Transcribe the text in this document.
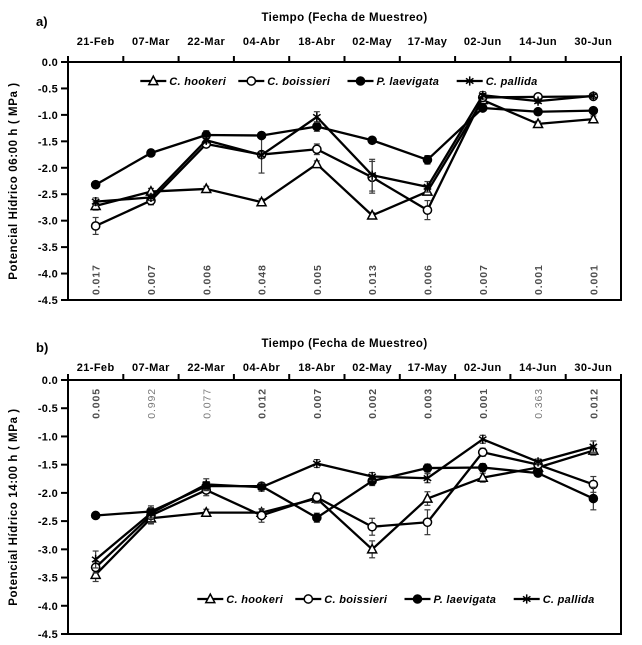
a)	Tiempo (Fecha de Muestreo)
Potencial Hídrico 06:00 h ( MPa )
b)	Tiempo (Fecha de Muestreo)
Potencial Hídrico 14:00 h ( MPa )
21-Feb 07-Mar 22-Mar 04-Abr 18-Abr 02-May 17-May 02-Jun 14-Jun 30-Jun
0.0
-0.5
-1.0
-1.5
-2.0
-2.5
-3.0
-3.5
-4.0
-4.5
0.017	0.007	0.006	0.048	0.005	0.013	0.006	0.007	0.001	0.001
C. hookeri	C. boissieri	P. laevigata	C. pallida
21-Feb 07-Mar 22-Mar 04-Abr 18-Abr 02-May 17-May 02-Jun 14-Jun 30-Jun
0.0
-0.5
-1.0
-1.5
-2.0
-2.5
-3.0
-3.5
-4.0
-4.5
0.005	0.992	0.077	0.012	0.007	0.002	0.003	0.001	0.363	0.012
C. hookeri	C. boissieri	P. laevigata	C. pallida
